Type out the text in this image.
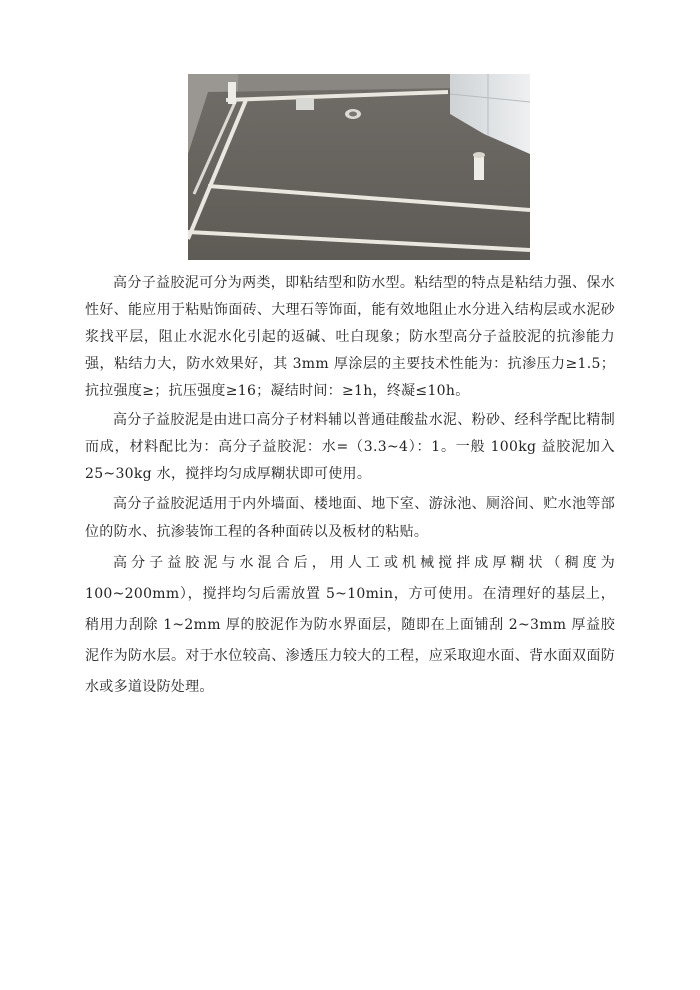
高分子益胶泥可分为两类，即粘结型和防水型。粘结型的特点是粘结力强、保水性好、能应用于粘贴饰面砖、大理石等饰面，能有效地阻止水分进入结构层或水泥砂浆找平层，阻止水泥水化引起的返碱、吐白现象；防水型高分子益胶泥的抗渗能力强，粘结力大，防水效果好，其 3mm 厚涂层的主要技术性能为：抗渗压力≥1.5；抗拉强度≥；抗压强度≥16；凝结时间：≥1h，终凝≤10h。

高分子益胶泥是由进口高分子材料辅以普通硅酸盐水泥、粉砂、经科学配比精制而成，材料配比为：高分子益胶泥：水=（3.3~4）：1。一般 100kg 益胶泥加入 25~30kg 水，搅拌均匀成厚糊状即可使用。

高分子益胶泥适用于内外墙面、楼地面、地下室、游泳池、厕浴间、贮水池等部位的防水、抗渗装饰工程的各种面砖以及板材的粘贴。

高分子益胶泥与水混合后，用人工或机械搅拌成厚糊状（稠度为 100~200mm），搅拌均匀后需放置 5~10min，方可使用。在清理好的基层上，稍用力刮除 1~2mm 厚的胶泥作为防水界面层，随即在上面铺刮 2~3mm 厚益胶泥作为防水层。对于水位较高、渗透压力较大的工程，应采取迎水面、背水面双面防水或多道设防处理。
